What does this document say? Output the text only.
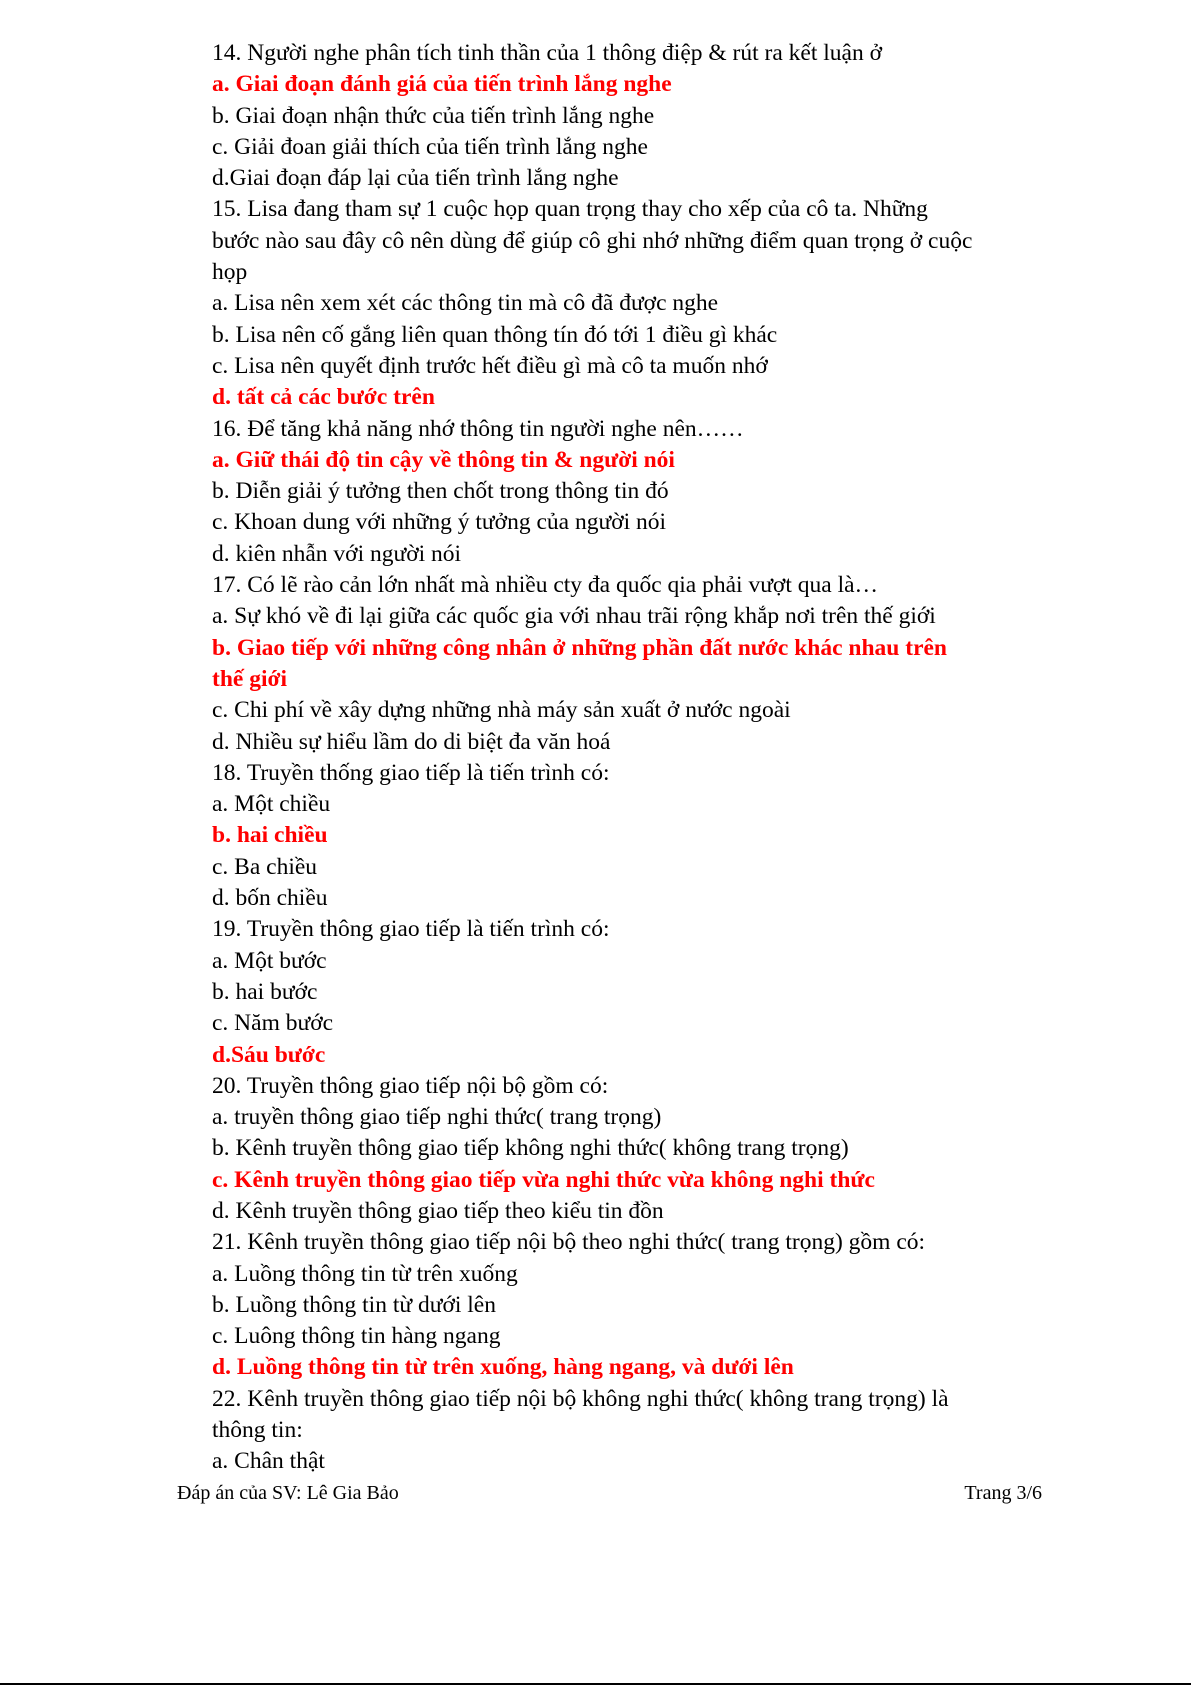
14. Người nghe phân tích tinh thần của 1 thông điệp & rút ra kết luận ở

a. Giai đoạn đánh giá của tiến trình lắng nghe

b. Giai đoạn nhận thức của tiến trình lắng nghe

c. Giải đoan giải thích của tiến trình lắng nghe

d.Giai đoạn đáp lại của tiến trình lắng nghe

15. Lisa đang tham sự 1 cuộc họp quan trọng thay cho xếp của cô ta. Những

bước nào sau đây cô nên dùng để giúp cô ghi nhớ những điểm quan trọng ở cuộc

họp

a. Lisa nên xem xét các thông tin mà cô đã được nghe

b. Lisa nên cố gắng liên quan thông tín đó tới 1 điều gì khác

c. Lisa nên quyết định trước hết điều gì mà cô ta muốn nhớ

d. tất cả các bước trên

16. Để tăng khả năng nhớ thông tin người nghe nên……

a. Giữ thái độ tin cậy về thông tin & người nói

b. Diễn giải ý tưởng then chốt trong thông tin đó

c. Khoan dung với những ý tưởng của người nói

d. kiên nhẫn với người nói

17. Có lẽ rào cản lớn nhất mà nhiều cty đa quốc qia phải vượt qua là…

a. Sự khó về đi lại giữa các quốc gia với nhau trãi rộng khắp nơi trên thế giới

b. Giao tiếp với những công nhân ở những phần đất nước khác nhau trên

thế giới

c. Chi phí về xây dựng những nhà máy sản xuất ở nước ngoài

d. Nhiều sự hiểu lầm do di biệt đa văn hoá

18. Truyền thống giao tiếp là tiến trình có:

a. Một chiều

b. hai chiều

c. Ba chiều

d. bốn chiều

19. Truyền thông giao tiếp là tiến trình có:

a. Một bước

b. hai bước

c. Năm bước

d.Sáu bước

20. Truyền thông giao tiếp nội bộ gồm có:

a. truyền thông giao tiếp nghi thức( trang trọng)

b. Kênh truyền thông giao tiếp không nghi thức( không trang trọng)

c. Kênh truyền thông giao tiếp vừa nghi thức vừa không nghi thức

d. Kênh truyền thông giao tiếp theo kiểu tin đồn

21. Kênh truyền thông giao tiếp nội bộ theo nghi thức( trang trọng) gồm có:

a. Luồng thông tin từ trên xuống

b. Luồng thông tin từ dưới lên

c. Luông thông tin hàng ngang

d. Luồng thông tin từ trên xuống, hàng ngang, và dưới lên

22. Kênh truyền thông giao tiếp nội bộ không nghi thức( không trang trọng) là

thông tin:

a. Chân thật

Đáp án của SV: Lê Gia Bảo	Trang 3/6
